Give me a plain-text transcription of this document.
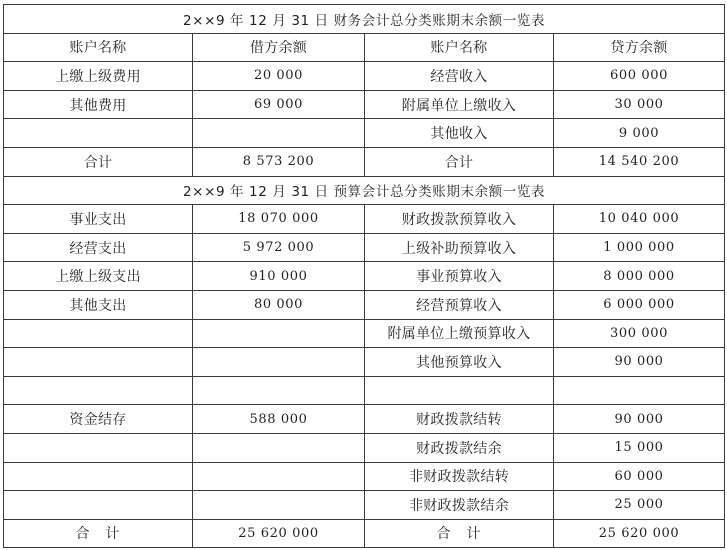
2××9 年 12 月 31 日 财务会计总分类账期末余额一览表			
账户名称	借方余额	账户名称	贷方余额
上缴上级费用	20 000	经营收入	600 000
其他费用	69 000	附属单位上缴收入	30 000
		其他收入	9 000
合计	8 573 200	合计	14 540 200
2××9 年 12 月 31 日 预算会计总分类账期末余额一览表			
事业支出	18 070 000	财政拨款预算收入	10 040 000
经营支出	5 972 000	上级补助预算收入	1 000 000
上缴上级支出	910 000	事业预算收入	8 000 000
其他支出	80 000	经营预算收入	6 000 000
		附属单位上缴预算收入	300 000
		其他预算收入	90 000

资金结存	588 000	财政拨款结转	90 000
		财政拨款结余	15 000
		非财政拨款结转	60 000
		非财政拨款结余	25 000
合　计	25 620 000	合　计	25 620 000
